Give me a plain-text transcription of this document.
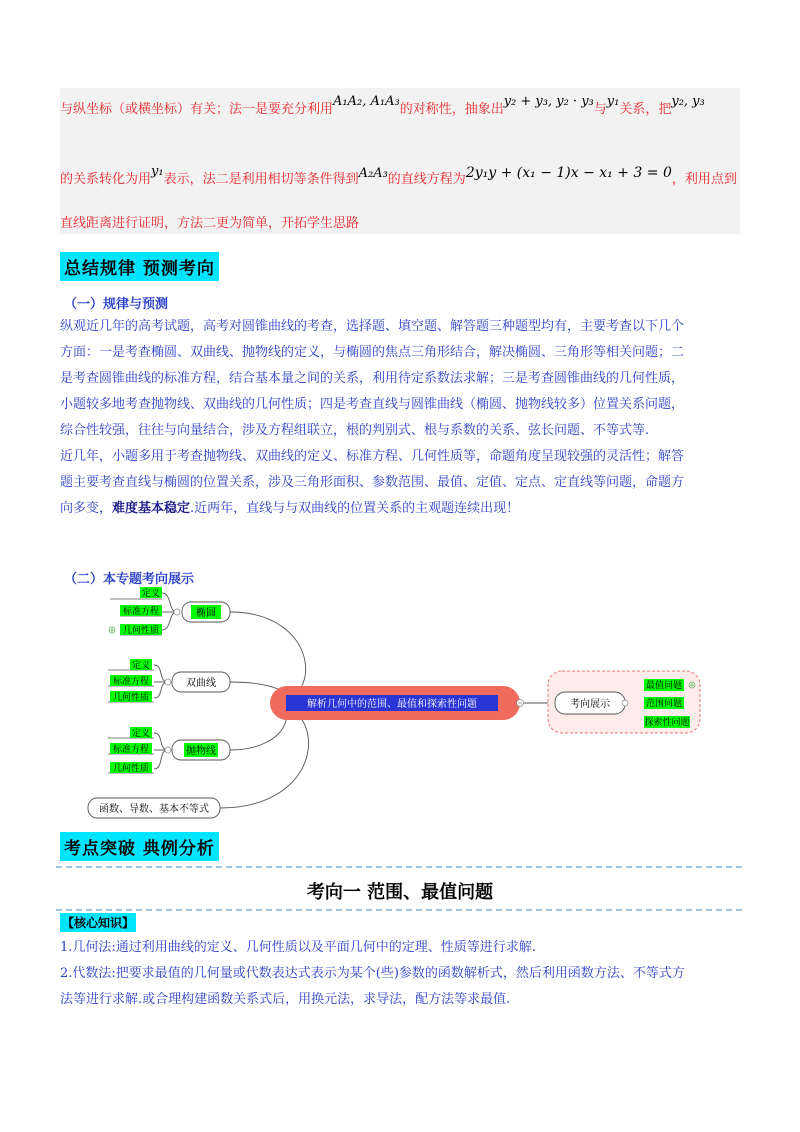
与纵坐标（或横坐标）有关；法一是要充分利用A₁A₂, A₁A₃的对称性，抽象出y₂ + y₃, y₂ · y₃与y₁关系，把y₂, y₃
的关系转化为用y₁表示，法二是利用相切等条件得到A₂A₃的直线方程为2y₁y + (x₁ − 1)x − x₁ + 3 = 0，利用点到
直线距离进行证明，方法二更为简单，开拓学生思路
总结规律 预测考向
（一）规律与预测
纵观近几年的高考试题，高考对圆锥曲线的考查，选择题、填空题、解答题三种题型均有，主要考查以下几个
方面：一是考查椭圆、双曲线、抛物线的定义，与椭圆的焦点三角形结合，解决椭圆、三角形等相关问题；二
是考查圆锥曲线的标准方程，结合基本量之间的关系，利用待定系数法求解；三是考查圆锥曲线的几何性质，
小题较多地考查抛物线、双曲线的几何性质；四是考查直线与圆锥曲线（椭圆、抛物线较多）位置关系问题，
综合性较强，往往与向量结合，涉及方程组联立，根的判别式、根与系数的关系、弦长问题、不等式等.
近几年，小题多用于考查抛物线、双曲线的定义、标准方程、几何性质等，命题角度呈现较强的灵活性；解答
题主要考查直线与椭圆的位置关系，涉及三角形面积、参数范围、最值、定值、定点、定直线等问题，命题方
向多变，难度基本稳定.近两年，直线与与双曲线的位置关系的主观题连续出现！
（二）本专题考向展示
解析几何中的范围、最值和探索性问题
椭圆
定义
标准方程
几何性质
双曲线
定义
标准方程
几何性质
抛物线
定义
标准方程
几何性质
函数、导数、基本不等式
考向展示
最值问题
范围问题
探索性问题
考点突破 典例分析
考向一 范围、最值问题
【核心知识】
1.几何法:通过利用曲线的定义、几何性质以及平面几何中的定理、性质等进行求解.
2.代数法:把要求最值的几何量或代数表达式表示为某个(些)参数的函数解析式，然后利用函数方法、不等式方
法等进行求解.或合理构建函数关系式后，用换元法，求导法，配方法等求最值.
